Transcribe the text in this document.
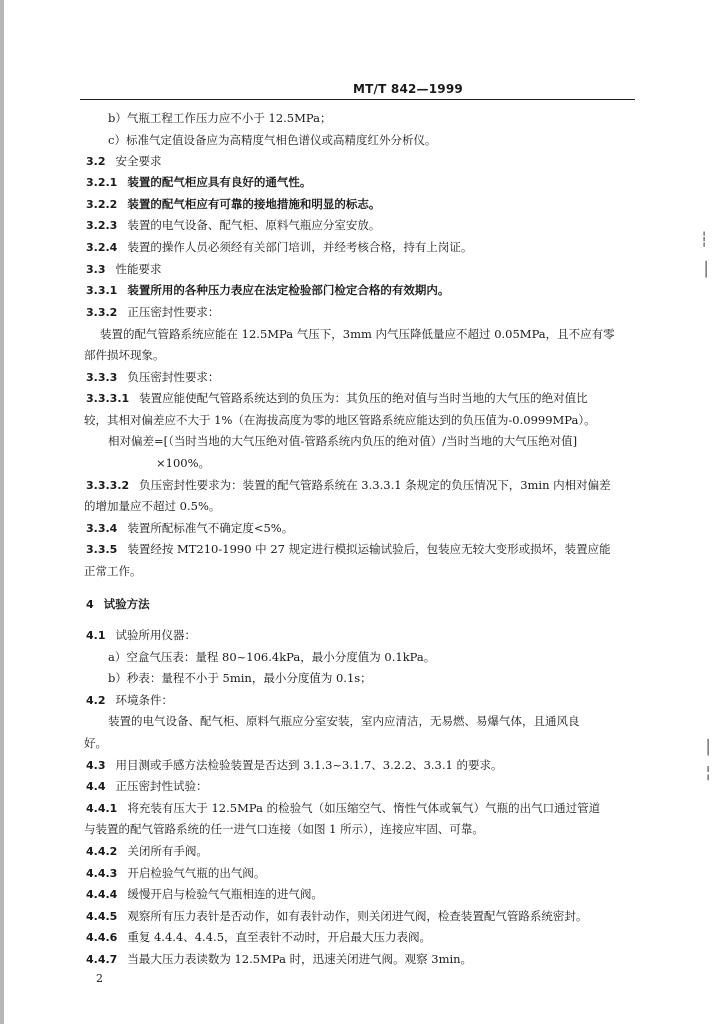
MT/T 842—1999
b）气瓶工程工作压力应不小于 12.5MPa；
c）标准气定值设备应为高精度气相色谱仪或高精度红外分析仪。
3.2 安全要求
3.2.1 装置的配气柜应具有良好的通气性。
3.2.2 装置的配气柜应有可靠的接地措施和明显的标志。
3.2.3 装置的电气设备、配气柜、原料气瓶应分室安放。
3.2.4 装置的操作人员必须经有关部门培训，并经考核合格，持有上岗证。
3.3 性能要求
3.3.1 装置所用的各种压力表应在法定检验部门检定合格的有效期内。
3.3.2 正压密封性要求：
装置的配气管路系统应能在 12.5MPa 气压下，3mm 内气压降低量应不超过 0.05MPa，且不应有零
部件损坏现象。
3.3.3 负压密封性要求：
3.3.3.1 装置应能使配气管路系统达到的负压为：其负压的绝对值与当时当地的大气压的绝对值比
较，其相对偏差应不大于 1%（在海拔高度为零的地区管路系统应能达到的负压值为-0.0999MPa）。
相对偏差=[（当时当地的大气压绝对值-管路系统内负压的绝对值）/当时当地的大气压绝对值]
×100%。
3.3.3.2 负压密封性要求为：装置的配气管路系统在 3.3.3.1 条规定的负压情况下，3min 内相对偏差
的增加量应不超过 0.5%。
3.3.4 装置所配标准气不确定度<5%。
3.3.5 装置经按 MT210-1990 中 27 规定进行模拟运输试验后，包装应无较大变形或损坏，装置应能
正常工作。
4 试验方法
4.1 试验所用仪器：
a）空盒气压表：量程 80~106.4kPa，最小分度值为 0.1kPa。
b）秒表：量程不小于 5min，最小分度值为 0.1s；
4.2 环境条件：
装置的电气设备、配气柜、原料气瓶应分室安装，室内应清洁，无易燃、易爆气体，且通风良
好。
4.3 用目测或手感方法检验装置是否达到 3.1.3~3.1.7、3.2.2、3.3.1 的要求。
4.4 正压密封性试验：
4.4.1 将充装有压大于 12.5MPa 的检验气（如压缩空气、惰性气体或氧气）气瓶的出气口通过管道
与装置的配气管路系统的任一进气口连接（如图 1 所示），连接应牢固、可靠。
4.4.2 关闭所有手阀。
4.4.3 开启检验气气瓶的出气阀。
4.4.4 缓慢开启与检验气气瓶相连的进气阀。
4.4.5 观察所有压力表针是否动作，如有表针动作，则关闭进气阀，检查装置配气管路系统密封。
4.4.6 重复 4.4.4、4.4.5，直至表针不动时，开启最大压力表阀。
4.4.7 当最大压力表读数为 12.5MPa 时，迅速关闭进气阀。观察 3min。
2
┆
│
│
╎
